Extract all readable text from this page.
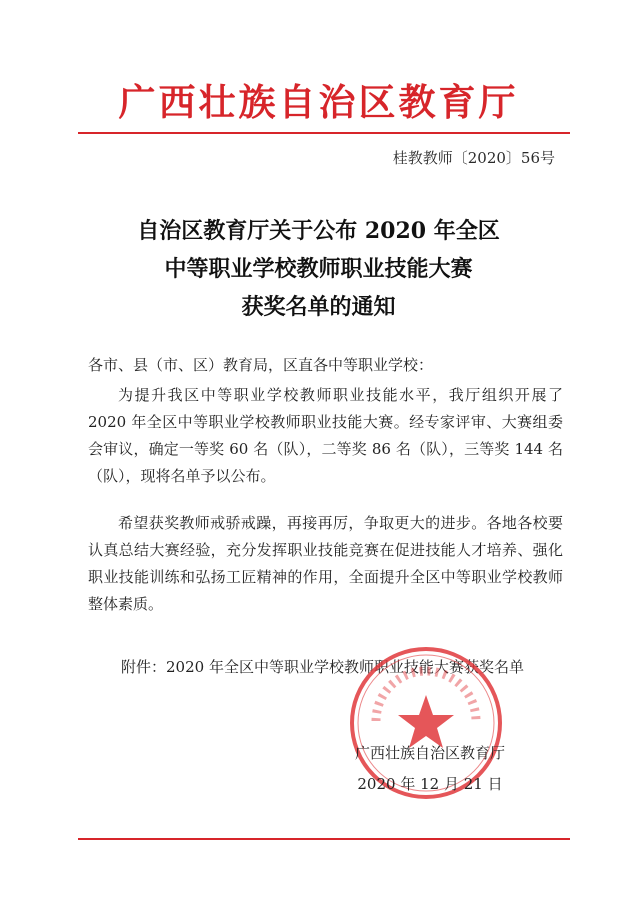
广西壮族自治区教育厅
桂教教师〔2020〕56号
自治区教育厅关于公布 2020 年全区
中等职业学校教师职业技能大赛
获奖名单的通知
各市、县（市、区）教育局，区直各中等职业学校：
为提升我区中等职业学校教师职业技能水平，我厅组织开展了 2020 年全区中等职业学校教师职业技能大赛。经专家评审、大赛组委会审议，确定一等奖 60 名（队），二等奖 86 名（队），三等奖 144 名（队），现将名单予以公布。
希望获奖教师戒骄戒躁，再接再厉，争取更大的进步。各地各校要认真总结大赛经验，充分发挥职业技能竞赛在促进技能人才培养、强化职业技能训练和弘扬工匠精神的作用，全面提升全区中等职业学校教师整体素质。
附件：2020 年全区中等职业学校教师职业技能大赛获奖名单
广西壮族自治区教育厅
2020 年 12 月 21 日
